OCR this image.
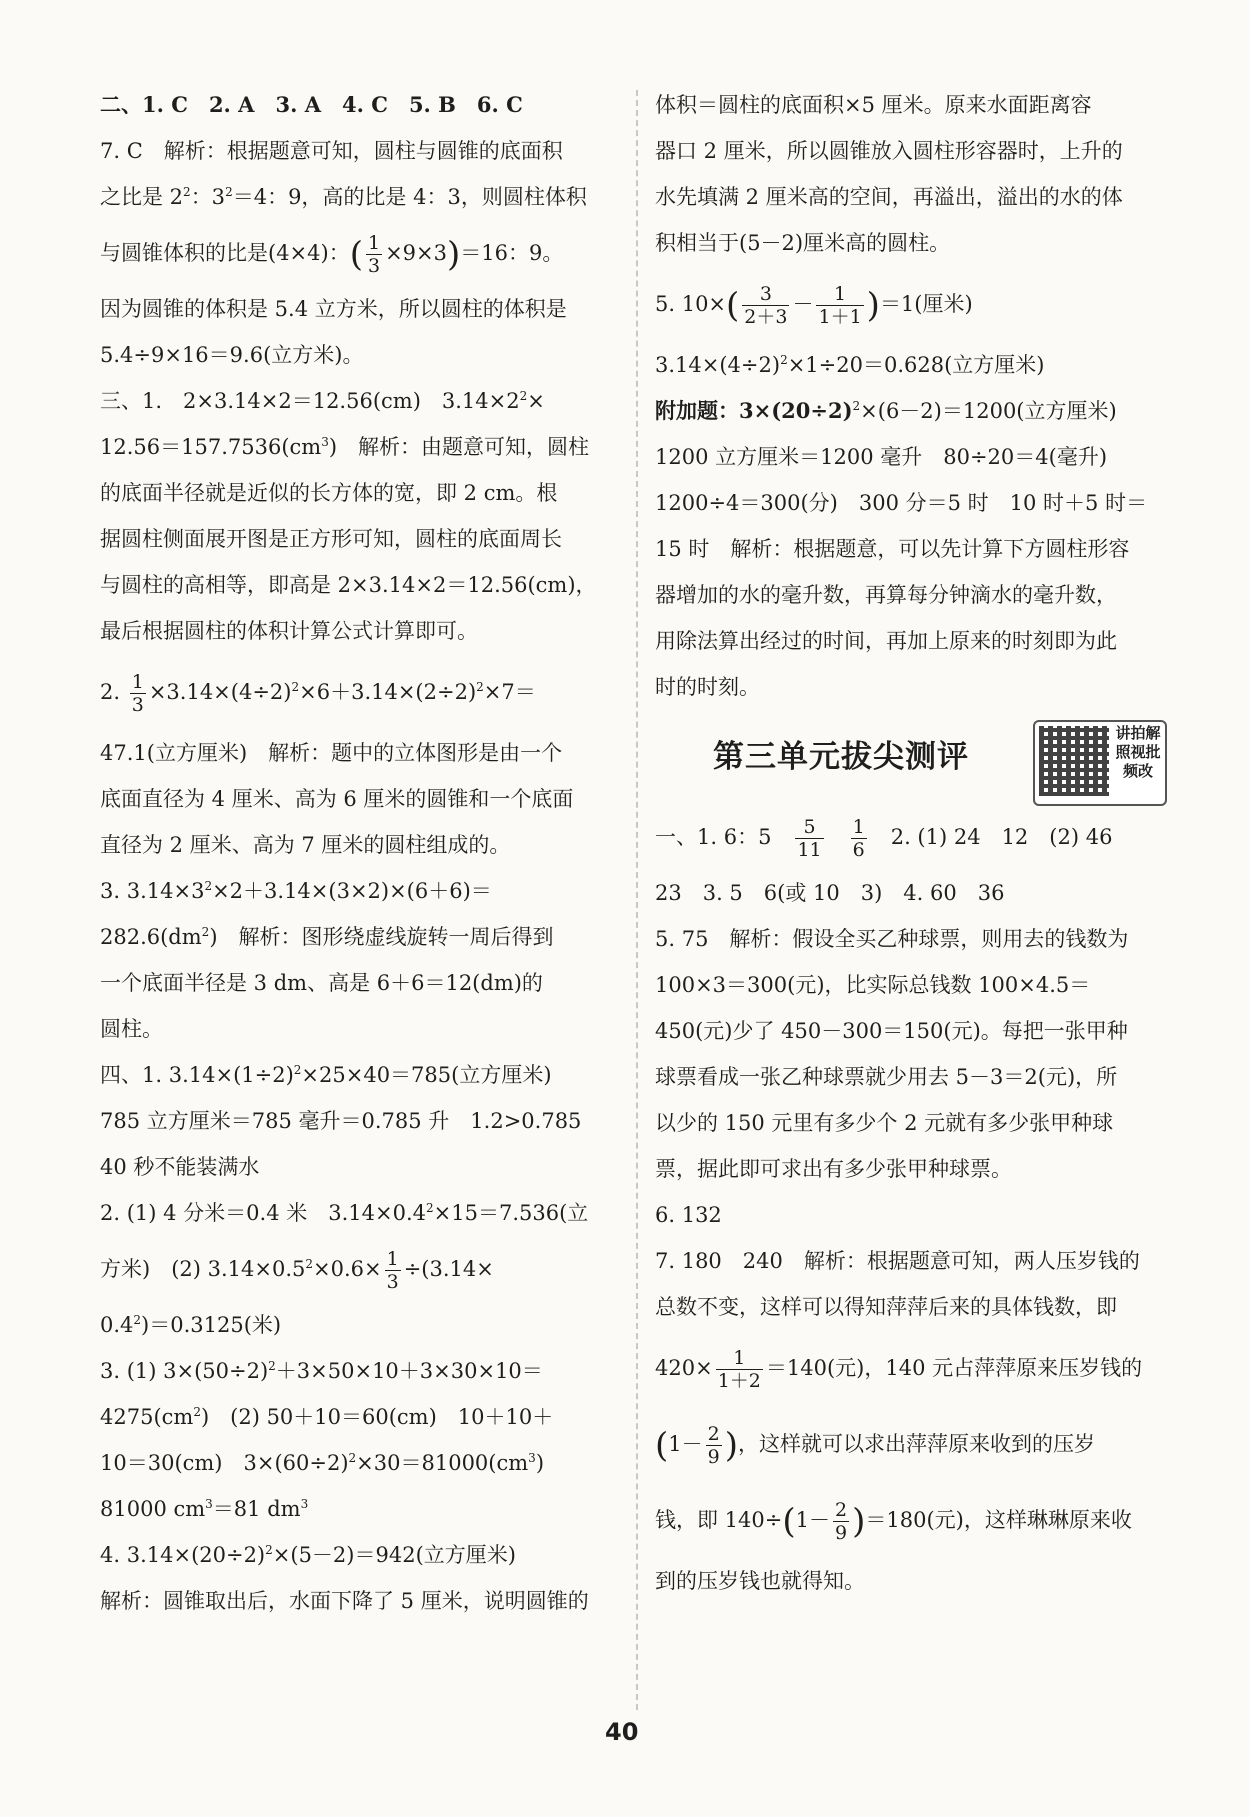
二、1. C　2. A　3. A　4. C　5. B　6. C
7. C　解析：根据题意可知，圆柱与圆锥的底面积
之比是 $2^2$：$3^2=4$：9，高的比是 4：3，则圆柱体积
与圆锥体积的比是(4×4)：( $\frac{1}{3} \times 9\times 3)=16$：9。
因为圆锥的体积是 5.4 立方米，所以圆柱的体积是
5.4÷9×16＝9.6(立方米)。
三、1.　2×3.14×2＝12.56(cm)　$3.14\times 2^2\times$
$12.56=157.7536(cm^3)$　解析：由题意可知，圆柱
的底面半径就是近似的长方体的宽，即 2 cm。根
据圆柱侧面展开图是正方形可知，圆柱的底面周长
与圆柱的高相等，即高是 2×3.14×2＝12.56(cm)，
最后根据圆柱的体积计算公式计算即可。
2. $\frac{1}{3} \times 3.14\times(4\div 2)^2\times 6+3.14\times(2\div 2)^2\times 7=$
47.1(立方厘米)　解析：题中的立体图形是由一个
底面直径为 4 厘米、高为 6 厘米的圆锥和一个底面
直径为 2 厘米、高为 7 厘米的圆柱组成的。
3. $3.14\times 3^2\times 2+3.14\times(3\times 2)\times(6+6)=$
$282.6(dm^2)$　解析：图形绕虚线旋转一周后得到
一个底面半径是 3 dm、高是 6＋6＝12(dm)的
圆柱。
四、1. $3.14\times(1\div 2)^2\times 25\times 40=785$(立方厘米)
785 立方厘米＝785 毫升＝0.785 升　1.2>0.785
40 秒不能装满水
2. (1) 4 分米＝0.4 米　$3.14\times 0.4^2\times 15=7.536$(立
方米)　(2) $3.14\times 0.5^2\times 0.6\times \frac{1}{3} \div(3.14\times$
$0.4^2)=0.3125$(米)
3. (1) $3\times(50\div 2)^2+3\times 50\times 10+3\times 30\times 10=$
$4275(cm^2)$　(2) 50＋10＝60(cm)　10＋10＋
10＝30(cm)　$3\times(60\div 2)^2\times 30=81000(cm^3)$
81000 $cm^3=81$ $dm^3$
4. $3.14\times(20\div 2)^2\times(5-2)=942$(立方厘米)
解析：圆锥取出后，水面下降了 5 厘米，说明圆锥的
体积＝圆柱的底面积×5 厘米。原来水面距离容
器口 2 厘米，所以圆锥放入圆柱形容器时，上升的
水先填满 2 厘米高的空间，再溢出，溢出的水的体
积相当于(5－2)厘米高的圆柱。
5. $10\times( \frac{3}{2+3} - \frac{1}{1+1} )=1$(厘米)
$3.14\times(4\div 2)^2\times 1\div 20=0.628$(立方厘米)
附加题：$3\times(20\div 2)^2\times(6-2)=1200$(立方厘米)
1200 立方厘米＝1200 毫升　80÷20＝4(毫升)
1200÷4＝300(分)　300 分＝5 时　10 时＋5 时＝
15 时　解析：根据题意，可以先计算下方圆柱形容
器增加的水的毫升数，再算每分钟滴水的毫升数，
用除法算出经过的时间，再加上原来的时刻即为此
时的时刻。
第三单元拔尖测评
讲拍解照视批频改
一、1. 6：5　 $\frac{5}{11}$
　 $\frac{1}{6}$
　 2. (1) 24　12　(2) 46
23　3. 5　6(或 10　3)　4. 60　36
5. 75　解析：假设全买乙种球票，则用去的钱数为
100×3＝300(元)，比实际总钱数 100×4.5＝
450(元)少了 450－300＝150(元)。每把一张甲种
球票看成一张乙种球票就少用去 5－3＝2(元)，所
以少的 150 元里有多少个 2 元就有多少张甲种球
票，据此即可求出有多少张甲种球票。
6. 132
7. 180　240　解析：根据题意可知，两人压岁钱的
总数不变，这样可以得知萍萍后来的具体钱数，即
$420\times \frac{1}{1+2} =140$(元)，140 元占萍萍原来压岁钱的
($1- \frac{2}{9}$ )，这样就可以求出萍萍原来收到的压岁
钱，即 $140\div(1- \frac{2}{9} )=180$(元)，这样琳琳原来收
到的压岁钱也就得知。
40
